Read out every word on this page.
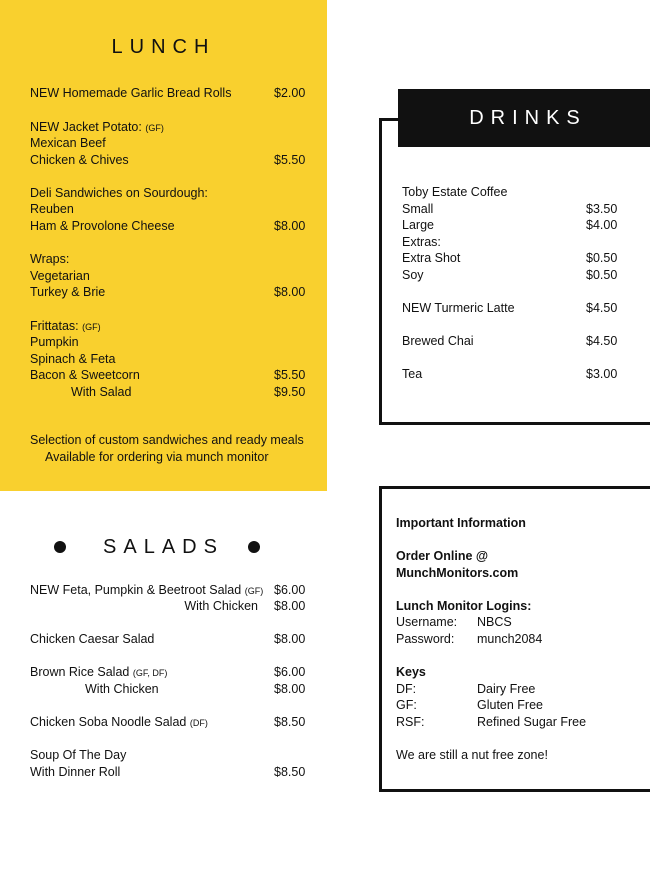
LUNCH
NEW Homemade Garlic Bread Rolls	$2.00
NEW Jacket Potato: (GF)
Mexican Beef
Chicken & Chives	$5.50
Deli Sandwiches on Sourdough:
Reuben
Ham & Provolone Cheese	$8.00
Wraps:
Vegetarian
Turkey & Brie	$8.00
Frittatas: (GF)
Pumpkin
Spinach & Feta
Bacon & Sweetcorn	$5.50
With Salad	$9.50
Selection of custom sandwiches and ready meals
Available for ordering via munch monitor
SALADS
NEW Feta, Pumpkin & Beetroot Salad (GF) $6.00
With Chicken $8.00
Chicken Caesar Salad	$8.00
Brown Rice Salad (GF, DF)	$6.00
With Chicken	$8.00
Chicken Soba Noodle Salad (DF)	$8.50
Soup Of The Day
With Dinner Roll	$8.50
DRINKS
Toby Estate Coffee
Small	$3.50
Large	$4.00
Extras:
Extra Shot	$0.50
Soy	$0.50
NEW Turmeric Latte	$4.50
Brewed Chai	$4.50
Tea	$3.00
Important Information
Order Online @
MunchMonitors.com
Lunch Monitor Logins:
Username: NBCS
Password: munch2084
Keys
DF:	Dairy Free
GF:	Gluten Free
RSF:	Refined Sugar Free
We are still a nut free zone!
